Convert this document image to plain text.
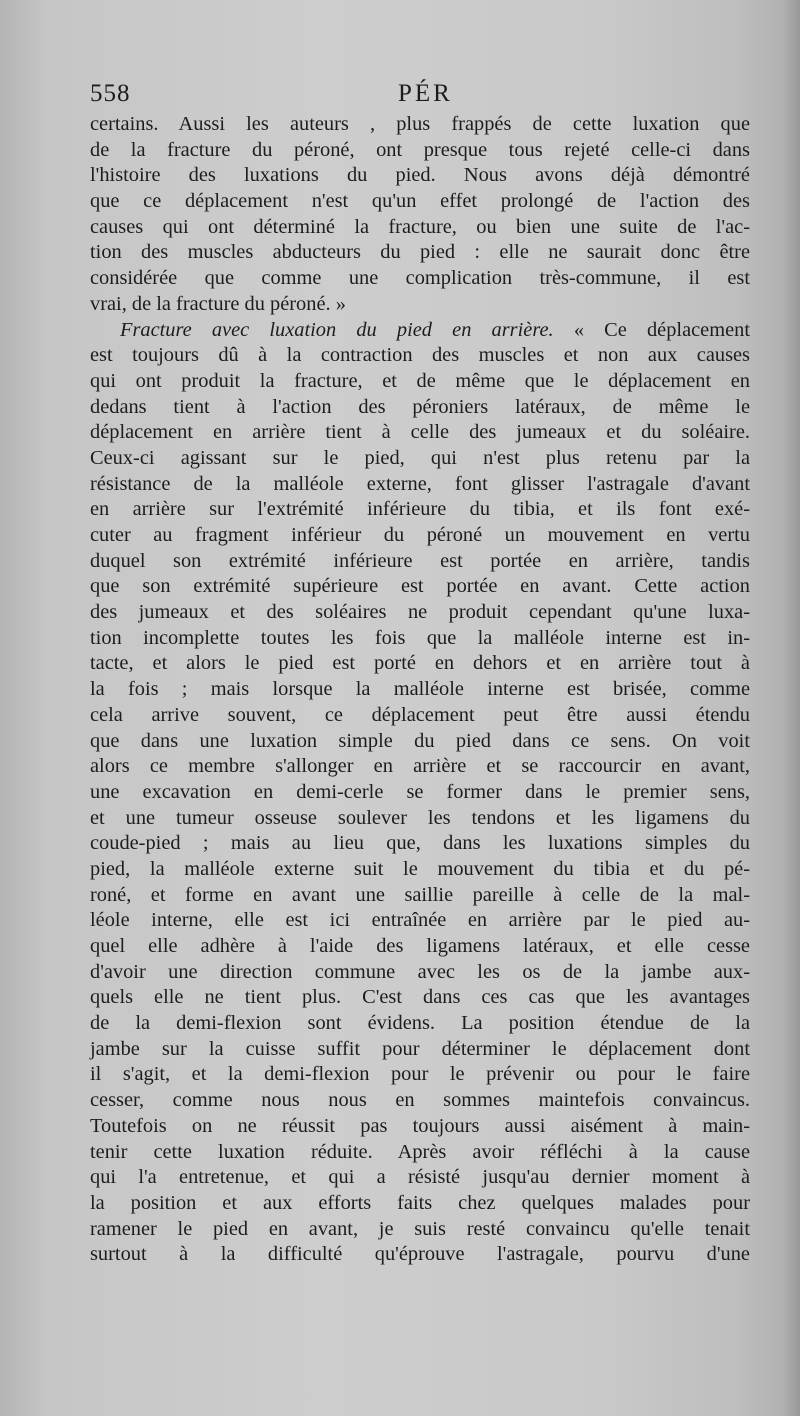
558	PÉR
certains. Aussi les auteurs , plus frappés de cette luxation que
de la fracture du péroné, ont presque tous rejeté celle-ci dans
l'histoire des luxations du pied. Nous avons déjà démontré
que ce déplacement n'est qu'un effet prolongé de l'action des
causes qui ont déterminé la fracture, ou bien une suite de l'ac-
tion des muscles abducteurs du pied : elle ne saurait donc être
considérée que comme une complication très-commune, il est
vrai, de la fracture du péroné. »
Fracture avec luxation du pied en arrière. « Ce déplacement
est toujours dû à la contraction des muscles et non aux causes
qui ont produit la fracture, et de même que le déplacement en
dedans tient à l'action des péroniers latéraux, de même le
déplacement en arrière tient à celle des jumeaux et du soléaire.
Ceux-ci agissant sur le pied, qui n'est plus retenu par la
résistance de la malléole externe, font glisser l'astragale d'avant
en arrière sur l'extrémité inférieure du tibia, et ils font exé-
cuter au fragment inférieur du péroné un mouvement en vertu
duquel son extrémité inférieure est portée en arrière, tandis
que son extrémité supérieure est portée en avant. Cette action
des jumeaux et des soléaires ne produit cependant qu'une luxa-
tion incomplette toutes les fois que la malléole interne est in-
tacte, et alors le pied est porté en dehors et en arrière tout à
la fois ; mais lorsque la malléole interne est brisée, comme
cela arrive souvent, ce déplacement peut être aussi étendu
que dans une luxation simple du pied dans ce sens. On voit
alors ce membre s'allonger en arrière et se raccourcir en avant,
une excavation en demi-cerle se former dans le premier sens,
et une tumeur osseuse soulever les tendons et les ligamens du
coude-pied ; mais au lieu que, dans les luxations simples du
pied, la malléole externe suit le mouvement du tibia et du pé-
roné, et forme en avant une saillie pareille à celle de la mal-
léole interne, elle est ici entraînée en arrière par le pied au-
quel elle adhère à l'aide des ligamens latéraux, et elle cesse
d'avoir une direction commune avec les os de la jambe aux-
quels elle ne tient plus. C'est dans ces cas que les avantages
de la demi-flexion sont évidens. La position étendue de la
jambe sur la cuisse suffit pour déterminer le déplacement dont
il s'agit, et la demi-flexion pour le prévenir ou pour le faire
cesser, comme nous nous en sommes maintefois convaincus.
Toutefois on ne réussit pas toujours aussi aisément à main-
tenir cette luxation réduite. Après avoir réfléchi à la cause
qui l'a entretenue, et qui a résisté jusqu'au dernier moment à
la position et aux efforts faits chez quelques malades pour
ramener le pied en avant, je suis resté convaincu qu'elle tenait
surtout à la difficulté qu'éprouve l'astragale, pourvu d'une
